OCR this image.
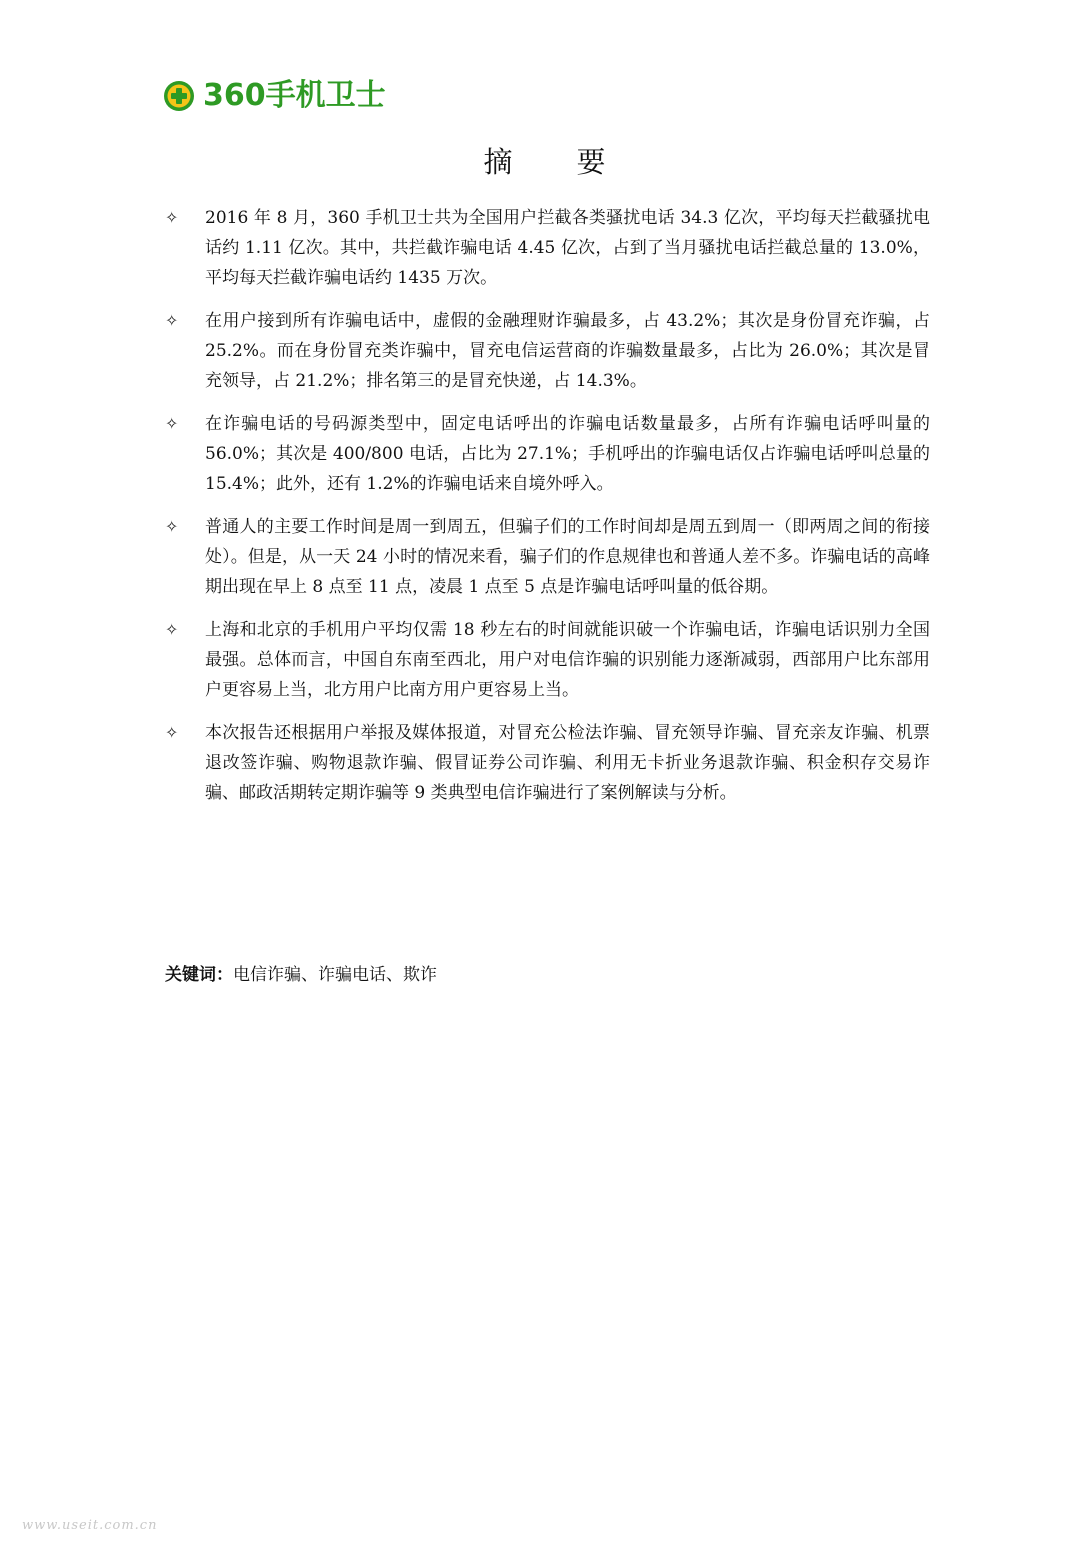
360手机卫士
摘　　要
✧	2016 年 8 月，360 手机卫士共为全国用户拦截各类骚扰电话 34.3 亿次，平均每天拦截骚扰电话约 1.11 亿次。其中，共拦截诈骗电话 4.45 亿次，占到了当月骚扰电话拦截总量的 13.0%，平均每天拦截诈骗电话约 1435 万次。
✧	在用户接到所有诈骗电话中，虚假的金融理财诈骗最多，占 43.2%；其次是身份冒充诈骗，占 25.2%。而在身份冒充类诈骗中，冒充电信运营商的诈骗数量最多，占比为 26.0%；其次是冒充领导，占 21.2%；排名第三的是冒充快递，占 14.3%。
✧	在诈骗电话的号码源类型中，固定电话呼出的诈骗电话数量最多，占所有诈骗电话呼叫量的 56.0%；其次是 400/800 电话，占比为 27.1%；手机呼出的诈骗电话仅占诈骗电话呼叫总量的 15.4%；此外，还有 1.2%的诈骗电话来自境外呼入。
✧	普通人的主要工作时间是周一到周五，但骗子们的工作时间却是周五到周一（即两周之间的衔接处）。但是，从一天 24 小时的情况来看，骗子们的作息规律也和普通人差不多。诈骗电话的高峰期出现在早上 8 点至 11 点，凌晨 1 点至 5 点是诈骗电话呼叫量的低谷期。
✧	上海和北京的手机用户平均仅需 18 秒左右的时间就能识破一个诈骗电话，诈骗电话识别力全国最强。总体而言，中国自东南至西北，用户对电信诈骗的识别能力逐渐减弱，西部用户比东部用户更容易上当，北方用户比南方用户更容易上当。
✧	本次报告还根据用户举报及媒体报道，对冒充公检法诈骗、冒充领导诈骗、冒充亲友诈骗、机票退改签诈骗、购物退款诈骗、假冒证券公司诈骗、利用无卡折业务退款诈骗、积金积存交易诈骗、邮政活期转定期诈骗等 9 类典型电信诈骗进行了案例解读与分析。
关键词：电信诈骗、诈骗电话、欺诈
www.useit.com.cn
